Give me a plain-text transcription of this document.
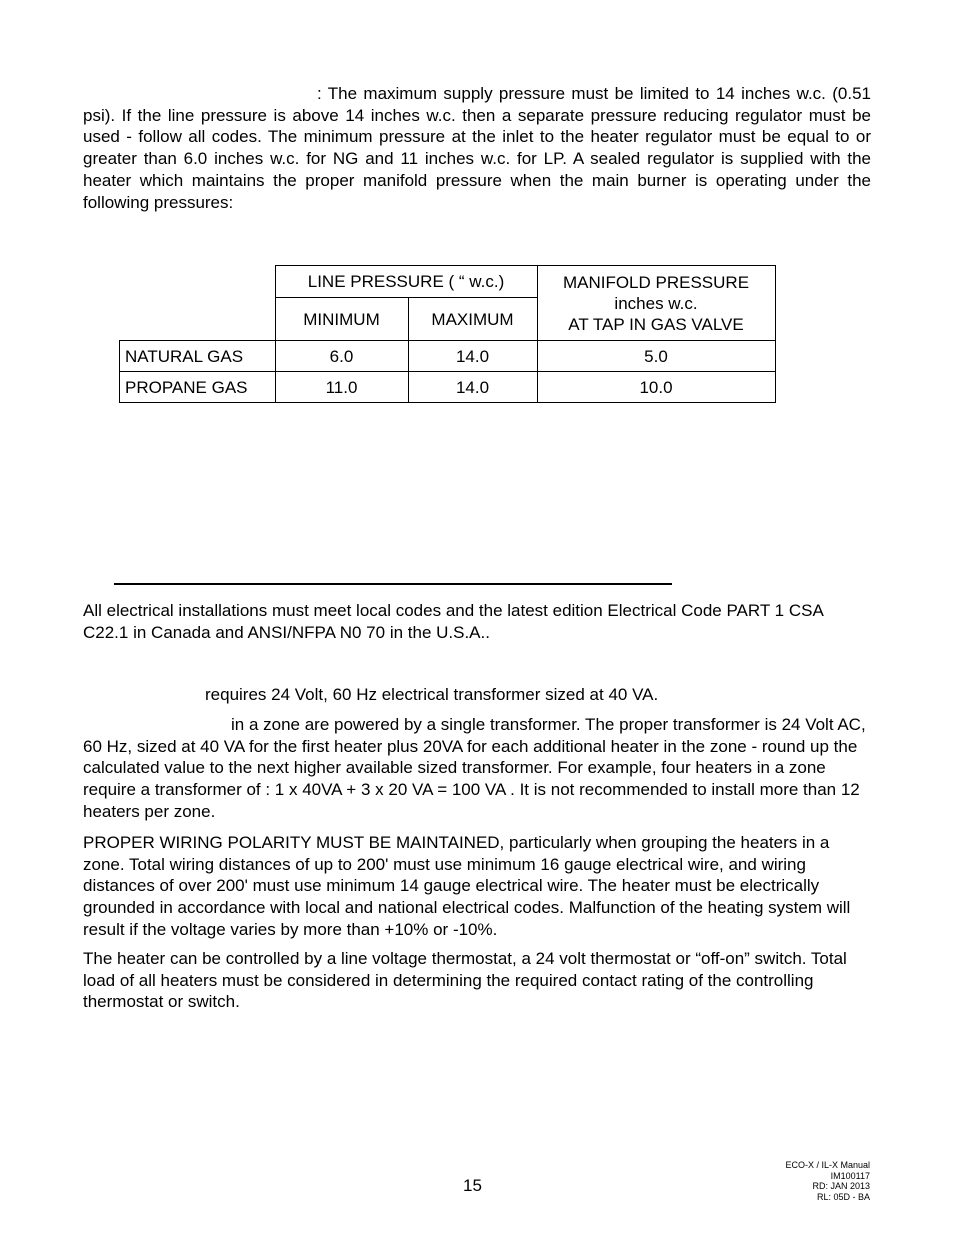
: The maximum supply pressure must be limited to 14 inches w.c. (0.51 psi). If the line pressure is above 14 inches w.c. then a separate pressure reducing regulator must be used - follow all codes. The minimum pressure at the inlet to the heater regulator must be equal to or greater than 6.0 inches w.c. for NG and 11 inches w.c. for LP. A sealed regulator is supplied with the heater which maintains the proper manifold pressure when the main burner is operating under the following pressures:

	LINE PRESSURE ( “ w.c.)		MANIFOLD PRESSURE
inches w.c.
AT TAP IN GAS VALVE

	MINIMUM	MAXIMUM	
NATURAL GAS	6.0	14.0	5.0
PROPANE GAS	11.0	14.0	10.0

All electrical installations must meet local codes and the latest edition Electrical Code PART 1 CSA C22.1 in Canada and ANSI/NFPA N0 70 in the U.S.A..

requires 24 Volt, 60 Hz electrical transformer sized at 40 VA.

in a zone are powered by a single transformer. The proper transformer is 24 Volt AC, 60 Hz, sized at 40 VA for the first heater plus 20VA for each additional heater in the zone - round up the calculated value to the next higher available sized transformer. For example, four heaters in a zone require a transformer of : 1 x 40VA + 3 x 20 VA = 100 VA . It is not recommended to install more than 12 heaters per zone.

PROPER WIRING POLARITY MUST BE MAINTAINED, particularly when grouping the heaters in a zone. Total wiring distances of up to 200' must use minimum 16 gauge electrical wire, and wiring distances of over 200' must use minimum 14 gauge electrical wire. The heater must be electrically grounded in accordance with local and national electrical codes. Malfunction of the heating system will result if the voltage varies by more than +10% or -10%.

The heater can be controlled by a line voltage thermostat, a 24 volt thermostat or “off-on” switch. Total load of all heaters must be considered in determining the required contact rating of the controlling thermostat or switch.

15
ECO-X / IL-X Manual
IM100117
RD: JAN 2013
RL: 05D - BA
